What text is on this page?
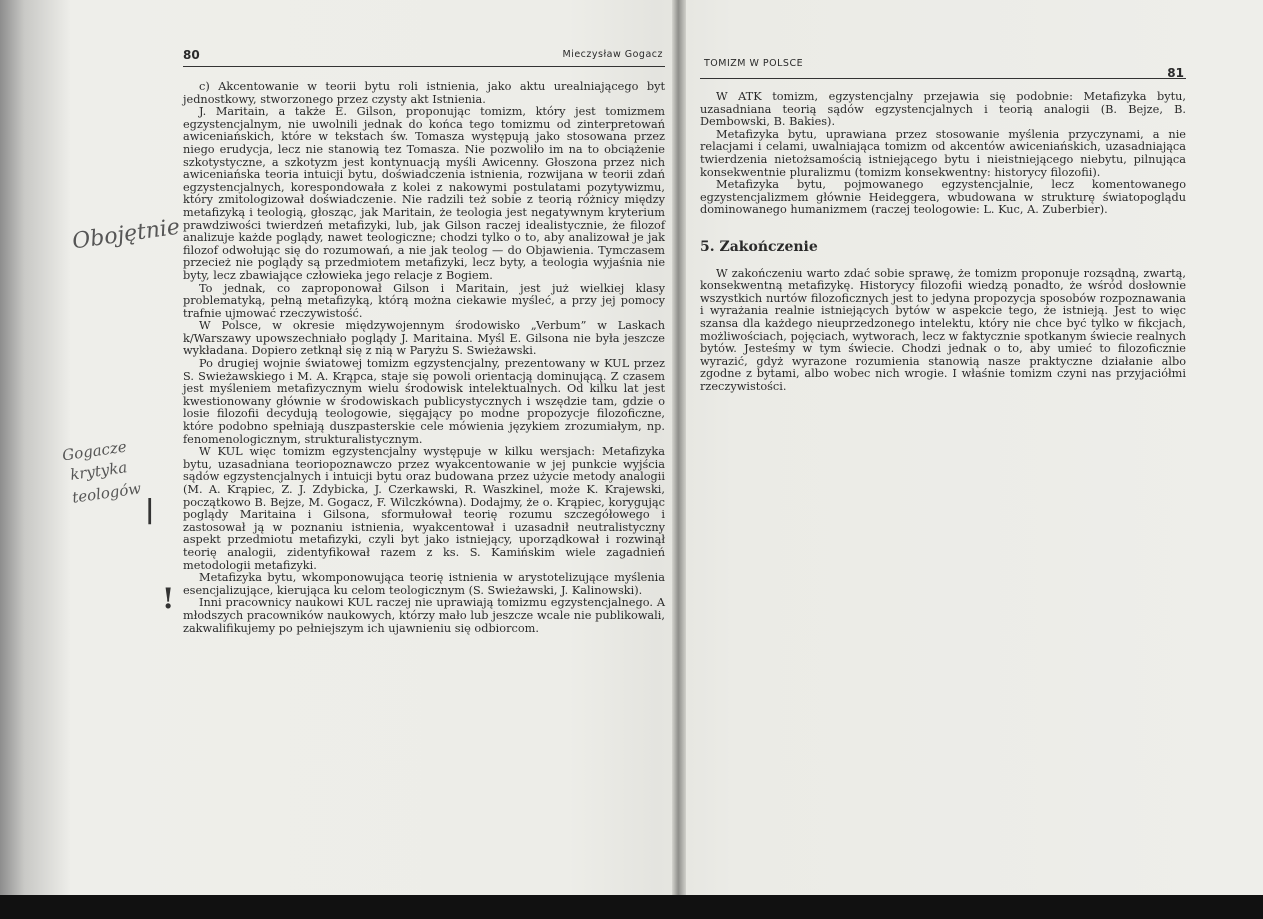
80	Mieczysław Gogacz

c) Akcentowanie w teorii bytu roli istnienia, jako aktu urealniającego byt jednostkowy, stworzonego przez czysty akt Istnienia.

J. Maritain, a także E. Gilson, proponując tomizm, który jest tomizmem egzystencjalnym, nie uwolnili jednak do końca tego tomizmu od zinterpretowań awiceniańskich, które w tekstach św. Tomasza występują jako stosowana przez niego erudycja, lecz nie stanowią tez Tomasza. Nie pozwoliło im na to obciążenie szkotystyczne, a szkotyzm jest kontynuacją myśli Awicenny. Głoszona przez nich awiceniańska teoria intuicji bytu, doświadczenia istnienia, rozwijana w teorii zdań egzystencjalnych, korespondowała z kolei z nakowymi postulatami pozytywizmu, który zmitologizował doświadczenie. Nie radzili też sobie z teorią różnicy między metafizyką i teologią, głosząc, jak Maritain, że teologia jest negatywnym kryterium prawdziwości twierdzeń metafizyki, lub, jak Gilson raczej idealistycznie, że filozof analizuje każde poglądy, nawet teologiczne; chodzi tylko o to, aby analizował je jak filozof odwołując się do rozumowań, a nie jak teolog — do Objawienia. Tymczasem przecież nie poglądy są przedmiotem metafizyki, lecz byty, a teologia wyjaśnia nie byty, lecz zbawiające człowieka jego relacje z Bogiem.

To jednak, co zaproponował Gilson i Maritain, jest już wielkiej klasy problematyką, pełną metafizyką, którą można ciekawie myśleć, a przy jej pomocy trafnie ujmować rzeczywistość.

W Polsce, w okresie międzywojennym środowisko „Verbum” w Laskach k/Warszawy upowszechniało poglądy J. Maritaina. Myśl E. Gilsona nie była jeszcze wykładana. Dopiero zetknął się z nią w Paryżu S. Swieżawski.

Po drugiej wojnie światowej tomizm egzystencjalny, prezentowany w KUL przez S. Swieżawskiego i M. A. Krąpca, staje się powoli orientacją dominującą. Z czasem jest myśleniem metafizycznym wielu środowisk intelektualnych. Od kilku lat jest kwestionowany głównie w środowiskach publicystycznych i wszędzie tam, gdzie o losie filozofii decydują teologowie, sięgający po modne propozycje filozoficzne, które podobno spełniają duszpasterskie cele mówienia językiem zrozumiałym, np. fenomenologicznym, strukturalistycznym.

W KUL więc tomizm egzystencjalny występuje w kilku wersjach: Metafizyka bytu, uzasadniana teoriopoznawczo przez wyakcentowanie w jej punkcie wyjścia sądów egzystencjalnych i intuicji bytu oraz budowana przez użycie metody analogii (M. A. Krąpiec, Z. J. Zdybicka, J. Czerkawski, R. Waszkinel, może K. Krajewski, początkowo B. Bejze, M. Gogacz, F. Wilczkówna). Dodajmy, że o. Krąpiec, korygując poglądy Maritaina i Gilsona, sformułował teorię rozumu szczegółowego i zastosował ją w poznaniu istnienia, wyakcentował i uzasadnił neutralistyczny aspekt przedmiotu metafizyki, czyli byt jako istniejący, uporządkował i rozwinął teorię analogii, zidentyfikował razem z ks. S. Kamińskim wiele zagadnień metodologii metafizyki.

Metafizyka bytu, wkomponowująca teorię istnienia w arystotelizujące myślenia esencjalizujące, kierująca ku celom teologicznym (S. Swieżawski, J. Kalinowski).

Inni pracownicy naukowi KUL raczej nie uprawiają tomizmu egzystencjalnego. A młodszych pracowników naukowych, którzy mało lub jeszcze wcale nie publikowali, zakwalifikujemy po pełniejszym ich ujawnieniu się odbiorcom.

TOMIZM W POLSCE
81

W ATK tomizm, egzystencjalny przejawia się podobnie: Metafizyka bytu, uzasadniana teorią sądów egzystencjalnych i teorią analogii (B. Bejze, B. Dembowski, B. Bakies).

Metafizyka bytu, uprawiana przez stosowanie myślenia przyczynami, a nie relacjami i celami, uwalniająca tomizm od akcentów awiceniańskich, uzasadniająca twierdzenia nietożsamością istniejącego bytu i nieistniejącego niebytu, pilnująca konsekwentnie pluralizmu (tomizm konsekwentny: historycy filozofii).

Metafizyka bytu, pojmowanego egzystencjalnie, lecz komentowanego egzystencjalizmem głównie Heideggera, wbudowana w strukturę światopoglądu dominowanego humanizmem (raczej teologowie: L. Kuc, A. Zuberbier).

5. Zakończenie

W zakończeniu warto zdać sobie sprawę, że tomizm proponuje rozsądną, zwartą, konsekwentną metafizykę. Historycy filozofii wiedzą ponadto, że wśród dosłownie wszystkich nurtów filozoficznych jest to jedyna propozycja sposobów rozpoznawania i wyrażania realnie istniejących bytów w aspekcie tego, że istnieją. Jest to więc szansa dla każdego nieuprzedzonego intelektu, który nie chce być tylko w fikcjach, możliwościach, pojęciach, wytworach, lecz w faktycznie spotkanym świecie realnych bytów. Jesteśmy w tym świecie. Chodzi jednak o to, aby umieć to filozoficznie wyrazić, gdyż wyrazone rozumienia stanowią nasze praktyczne działanie albo zgodne z bytami, albo wobec nich wrogie. I właśnie tomizm czyni nas przyjaciółmi rzeczywistości.

Obojętnie
Gogacze
krytyka
teologów
|
!
